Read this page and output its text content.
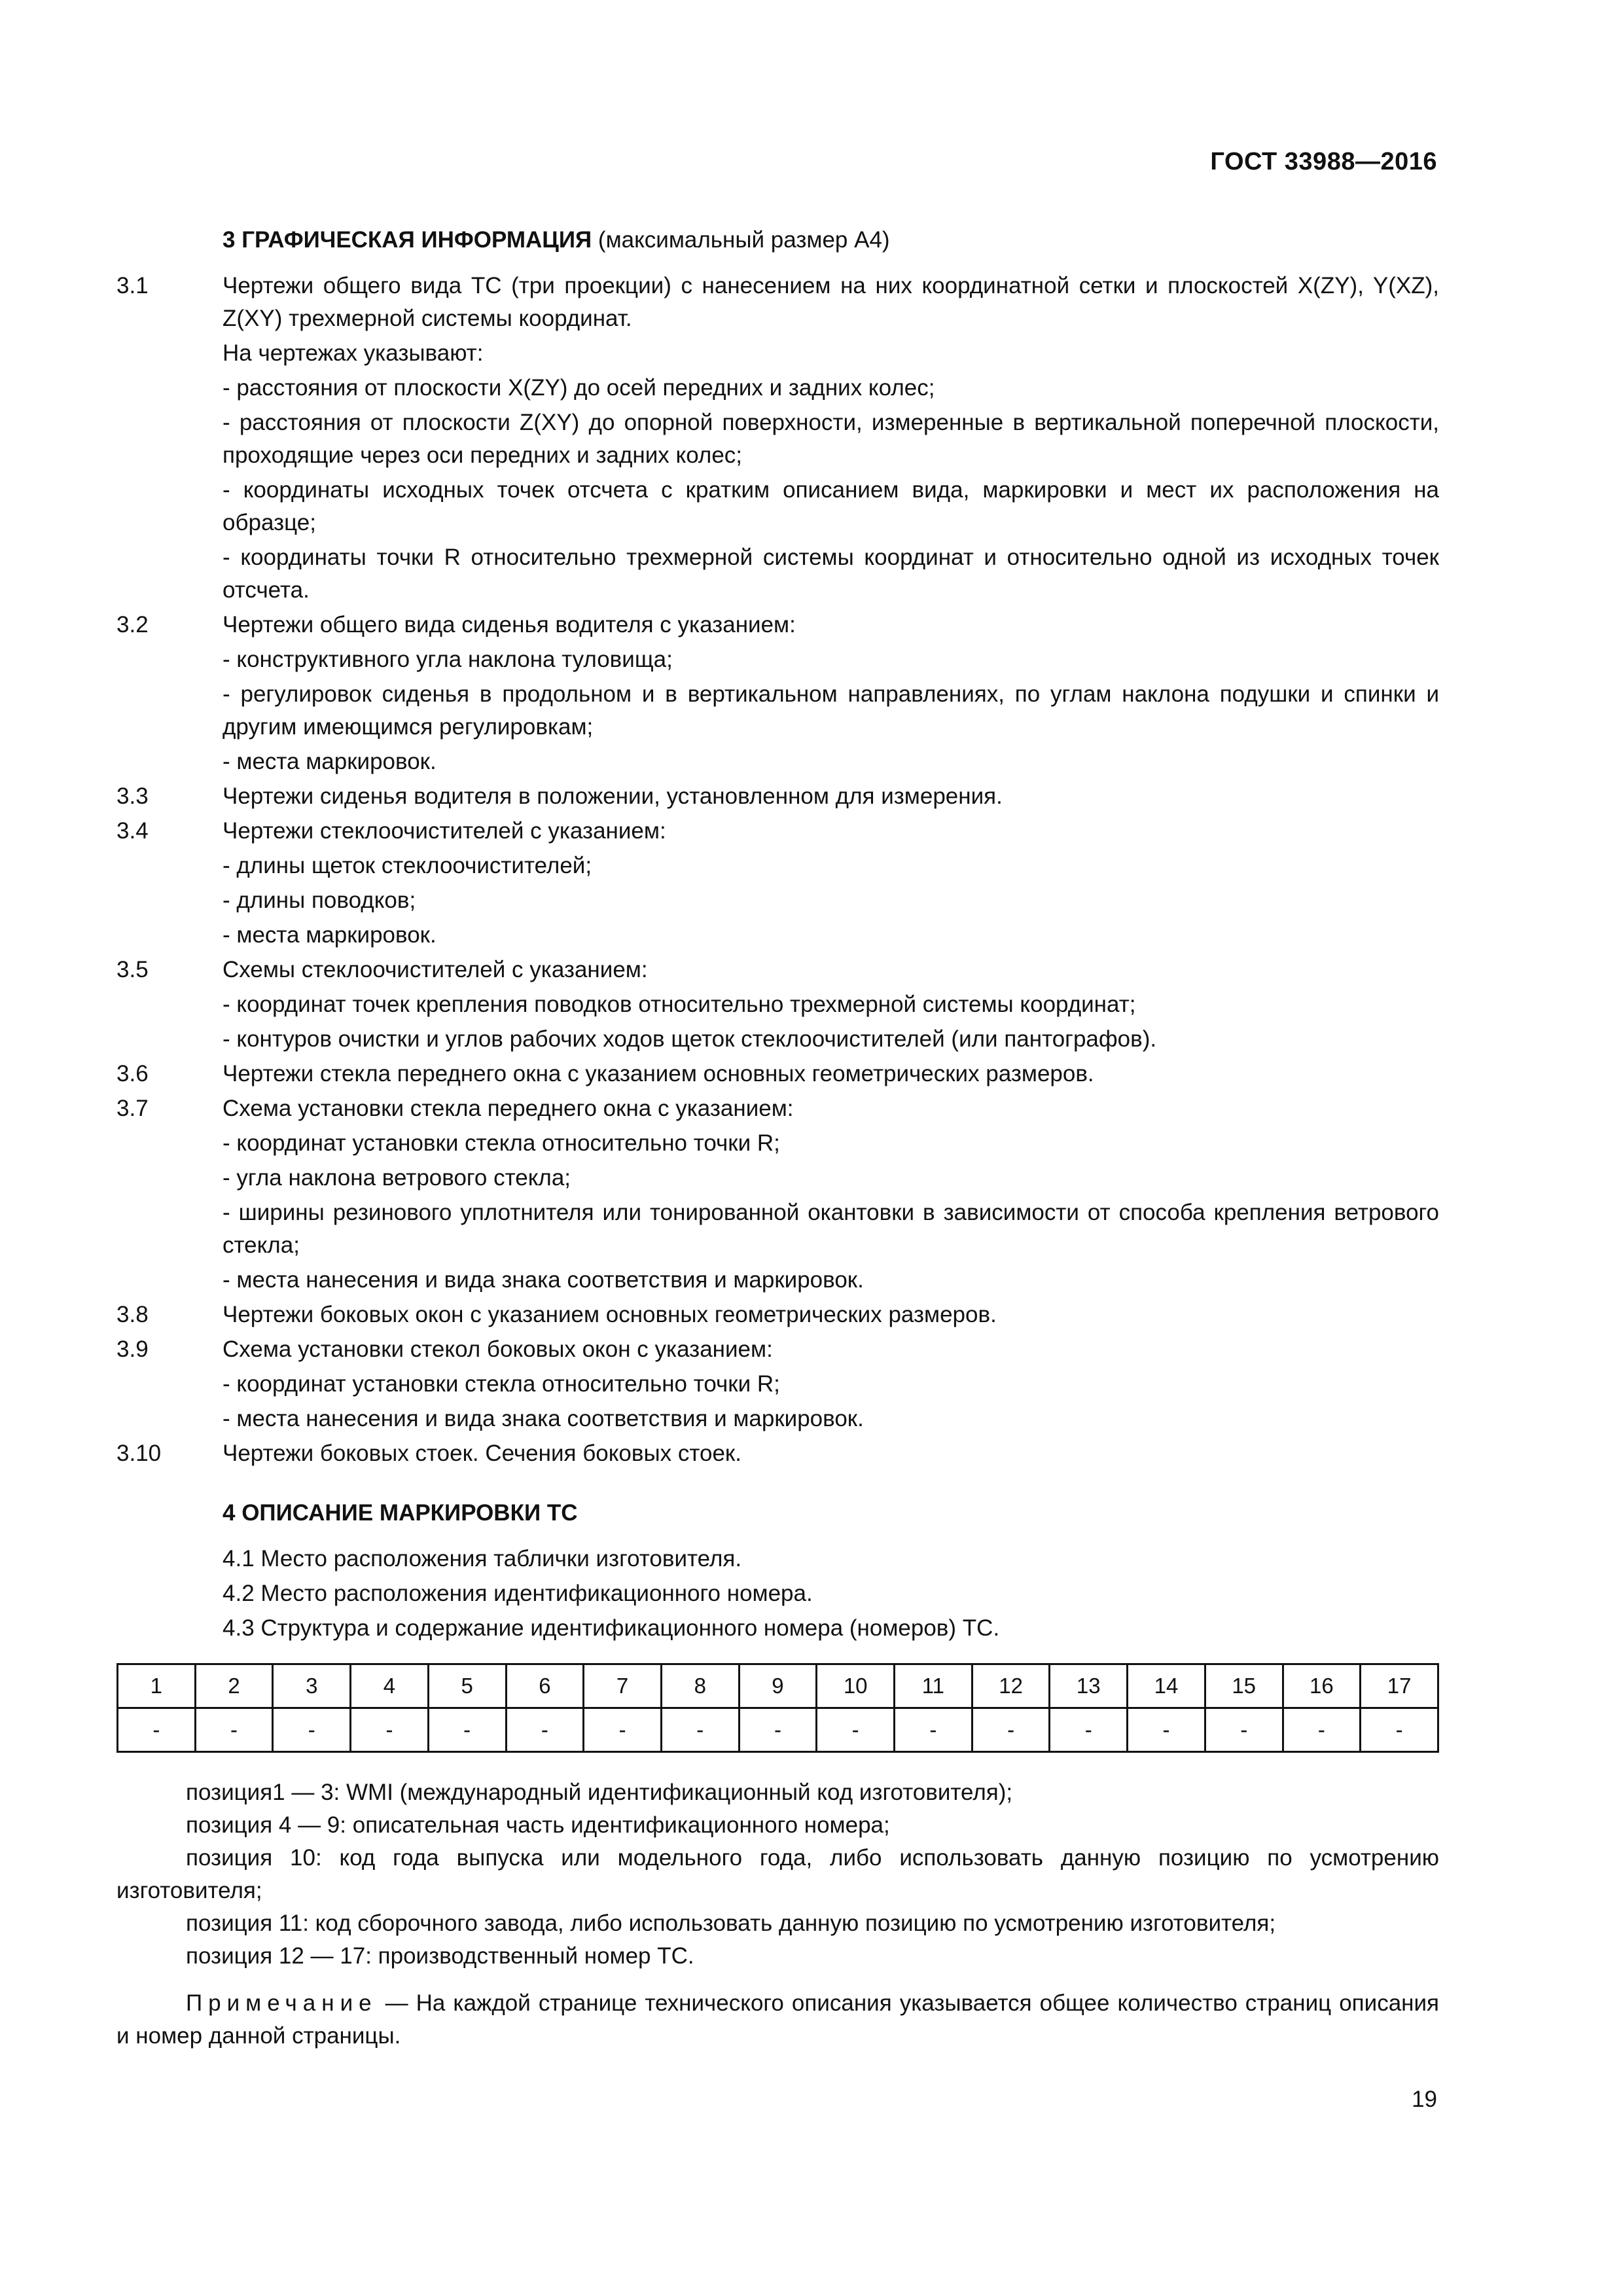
ГОСТ 33988—2016
3 ГРАФИЧЕСКАЯ ИНФОРМАЦИЯ (максимальный размер А4)
3.1	Чертежи общего вида ТС (три проекции) с нанесением на них координатной сетки и плоскостей X(ZY), Y(XZ), Z(XY) трехмерной системы координат.
На чертежах указывают:
- расстояния от плоскости X(ZY) до осей передних и задних колес;
- расстояния от плоскости Z(XY) до опорной поверхности, измеренные в вертикальной поперечной плоскости, проходящие через оси передних и задних колес;
- координаты исходных точек отсчета с кратким описанием вида, маркировки и мест их расположения на образце;
- координаты точки R относительно трехмерной системы координат и относительно одной из исходных точек отсчета.
3.2	Чертежи общего вида сиденья водителя с указанием:
- конструктивного угла наклона туловища;
- регулировок сиденья в продольном и в вертикальном направлениях, по углам наклона подушки и спинки и другим имеющимся регулировкам;
- места маркировок.
3.3	Чертежи сиденья водителя в положении, установленном для измерения.
3.4	Чертежи стеклоочистителей с указанием:
- длины щеток стеклоочистителей;
- длины поводков;
- места маркировок.
3.5	Схемы стеклоочистителей с указанием:
- координат точек крепления поводков относительно трехмерной системы координат;
- контуров очистки и углов рабочих ходов щеток стеклоочистителей (или пантографов).
3.6	Чертежи стекла переднего окна с указанием основных геометрических размеров.
3.7	Схема установки стекла переднего окна с указанием:
- координат установки стекла относительно точки R;
- угла наклона ветрового стекла;
- ширины резинового уплотнителя или тонированной окантовки в зависимости от способа крепления ветрового стекла;
- места нанесения и вида знака соответствия и маркировок.
3.8	Чертежи боковых окон с указанием основных геометрических размеров.
3.9	Схема установки стекол боковых окон с указанием:
- координат установки стекла относительно точки R;
- места нанесения и вида знака соответствия и маркировок.
3.10	Чертежи боковых стоек. Сечения боковых стоек.
4 ОПИСАНИЕ МАРКИРОВКИ ТС
4.1 Место расположения таблички изготовителя.
4.2 Место расположения идентификационного номера.
4.3 Структура и содержание идентификационного номера (номеров) ТС.
1	2	3	4	5	6	7	8	9	10	11	12	13	14	15	16	17
-	-	-	-	-	-	-	-	-	-	-	-	-	-	-	-	-
позиция1 — 3: WMI (международный идентификационный код изготовителя);
позиция 4 — 9: описательная часть идентификационного номера;
позиция 10: код года выпуска или модельного года, либо использовать данную позицию по усмотрению изготовителя;
позиция 11: код сборочного завода, либо использовать данную позицию по усмотрению изготовителя;
позиция 12 — 17: производственный номер ТС.
Примечание — На каждой странице технического описания указывается общее количество страниц описания и номер данной страницы.
19
